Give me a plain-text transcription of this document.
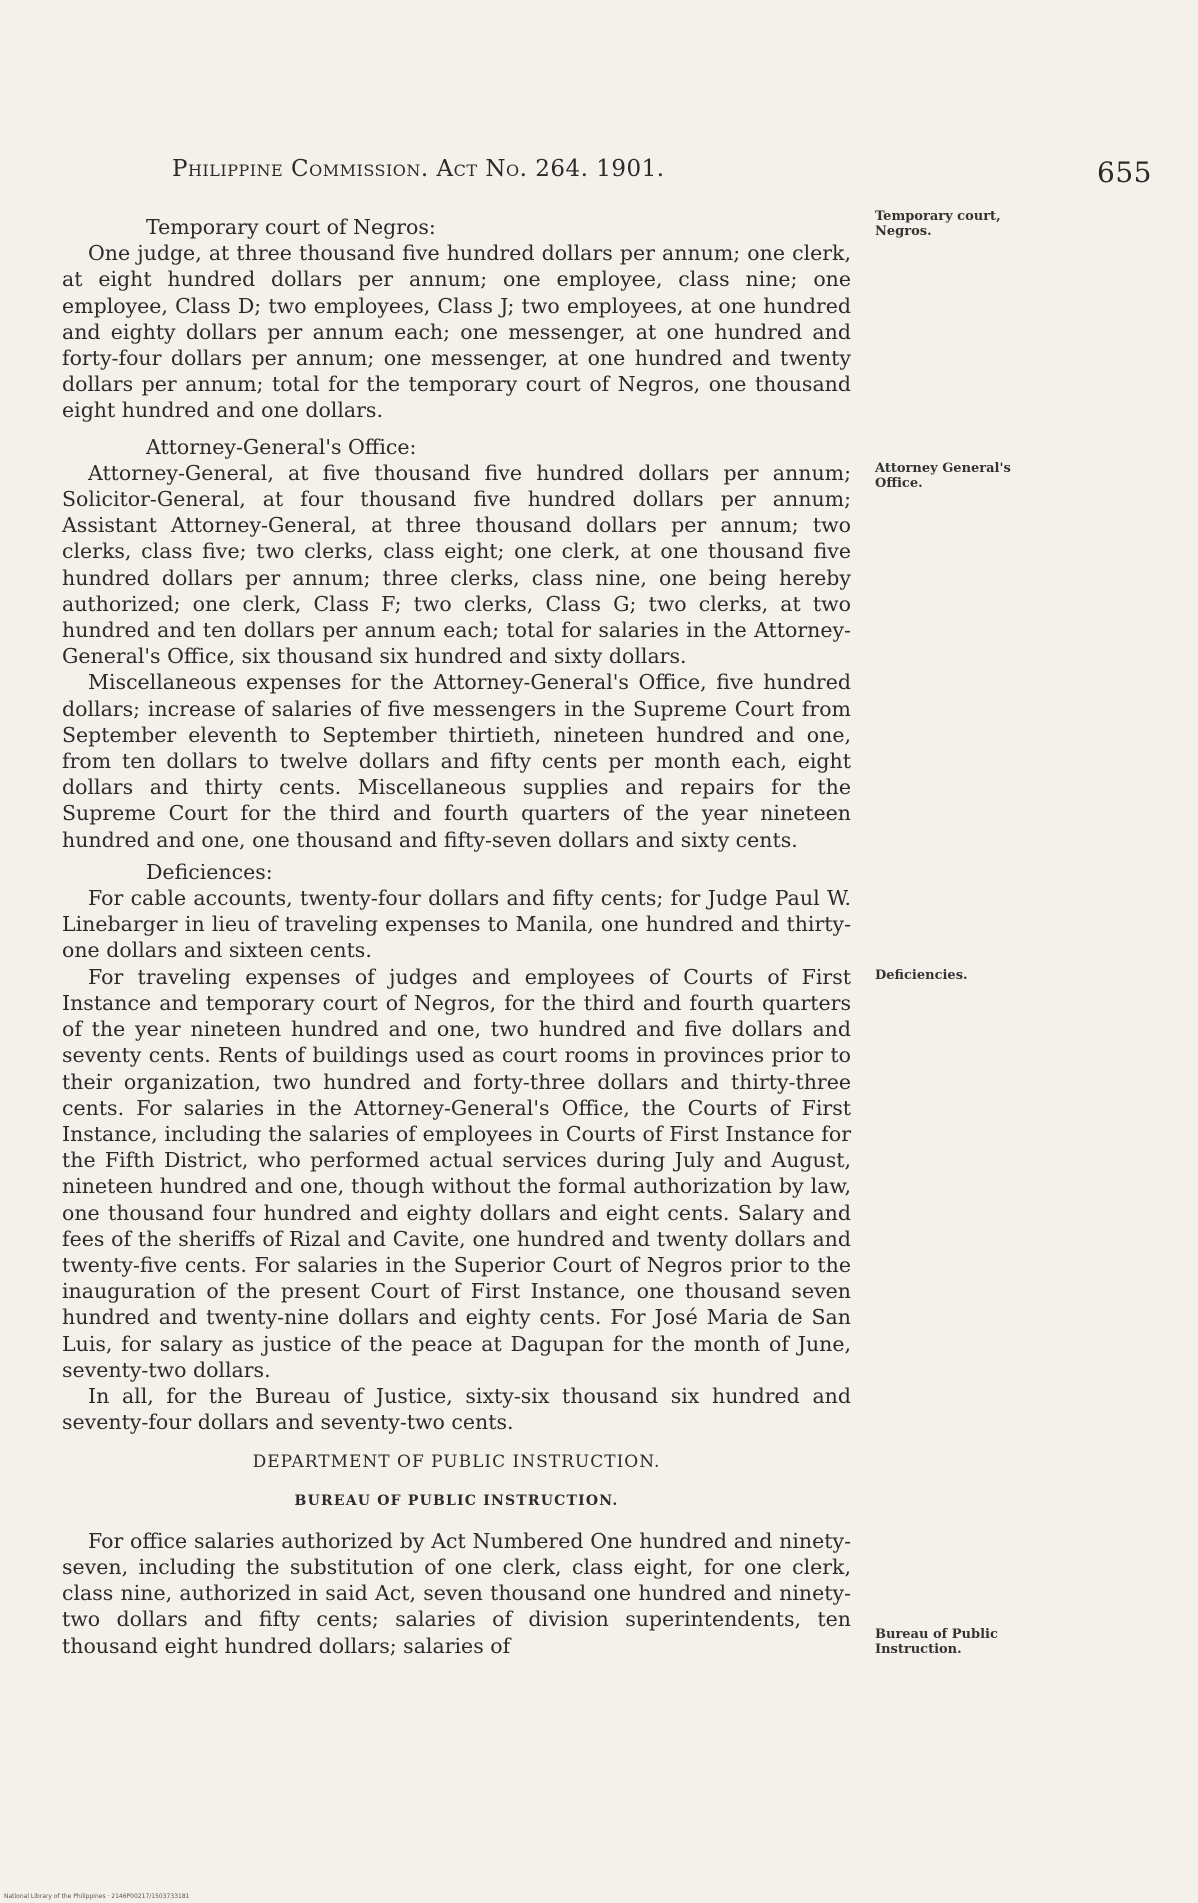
Philippine Commission. Act No. 264. 1901.	655

Temporary court of Negros:

One judge, at three thousand five hundred dollars per annum; one clerk, at eight hundred dollars per annum; one employee, class nine; one employee, Class D; two employees, Class J; two employees, at one hundred and eighty dollars per annum each; one messenger, at one hundred and forty-four dollars per annum; one messenger, at one hundred and twenty dollars per annum; total for the temporary court of Negros, one thousand eight hundred and one dollars.

Attorney-General's Office:

Attorney-General, at five thousand five hundred dollars per annum; Solicitor-General, at four thousand five hundred dollars per annum; Assistant Attorney-General, at three thousand dollars per annum; two clerks, class five; two clerks, class eight; one clerk, at one thousand five hundred dollars per annum; three clerks, class nine, one being hereby authorized; one clerk, Class F; two clerks, Class G; two clerks, at two hundred and ten dollars per annum each; total for salaries in the Attorney-General's Office, six thousand six hundred and sixty dollars.

Miscellaneous expenses for the Attorney-General's Office, five hundred dollars; increase of salaries of five messengers in the Supreme Court from September eleventh to September thirtieth, nineteen hundred and one, from ten dollars to twelve dollars and fifty cents per month each, eight dollars and thirty cents. Miscellaneous supplies and repairs for the Supreme Court for the third and fourth quarters of the year nineteen hundred and one, one thousand and fifty-seven dollars and sixty cents.

Deficiences:

For cable accounts, twenty-four dollars and fifty cents; for Judge Paul W. Linebarger in lieu of traveling expenses to Manila, one hundred and thirty-one dollars and sixteen cents.

For traveling expenses of judges and employees of Courts of First Instance and temporary court of Negros, for the third and fourth quarters of the year nineteen hundred and one, two hundred and five dollars and seventy cents. Rents of buildings used as court rooms in provinces prior to their organization, two hundred and forty-three dollars and thirty-three cents. For salaries in the Attorney-General's Office, the Courts of First Instance, including the salaries of employees in Courts of First Instance for the Fifth District, who performed actual services during July and August, nineteen hundred and one, though without the formal authorization by law, one thousand four hundred and eighty dollars and eight cents. Salary and fees of the sheriffs of Rizal and Cavite, one hundred and twenty dollars and twenty-five cents. For salaries in the Superior Court of Negros prior to the inauguration of the present Court of First Instance, one thousand seven hundred and twenty-nine dollars and eighty cents. For José Maria de San Luis, for salary as justice of the peace at Dagupan for the month of June, seventy-two dollars.

In all, for the Bureau of Justice, sixty-six thousand six hundred and seventy-four dollars and seventy-two cents.

DEPARTMENT OF PUBLIC INSTRUCTION.

BUREAU OF PUBLIC INSTRUCTION.

For office salaries authorized by Act Numbered One hundred and ninety-seven, including the substitution of one clerk, class eight, for one clerk, class nine, authorized in said Act, seven thousand one hundred and ninety-two dollars and fifty cents; salaries of division superintendents, ten thousand eight hundred dollars; salaries of

Temporary court, Negros.
Attorney General's Office.
Deficiencies.
Bureau of Public Instruction.
National Library of the Philippines · 2146P00217/1503733181
